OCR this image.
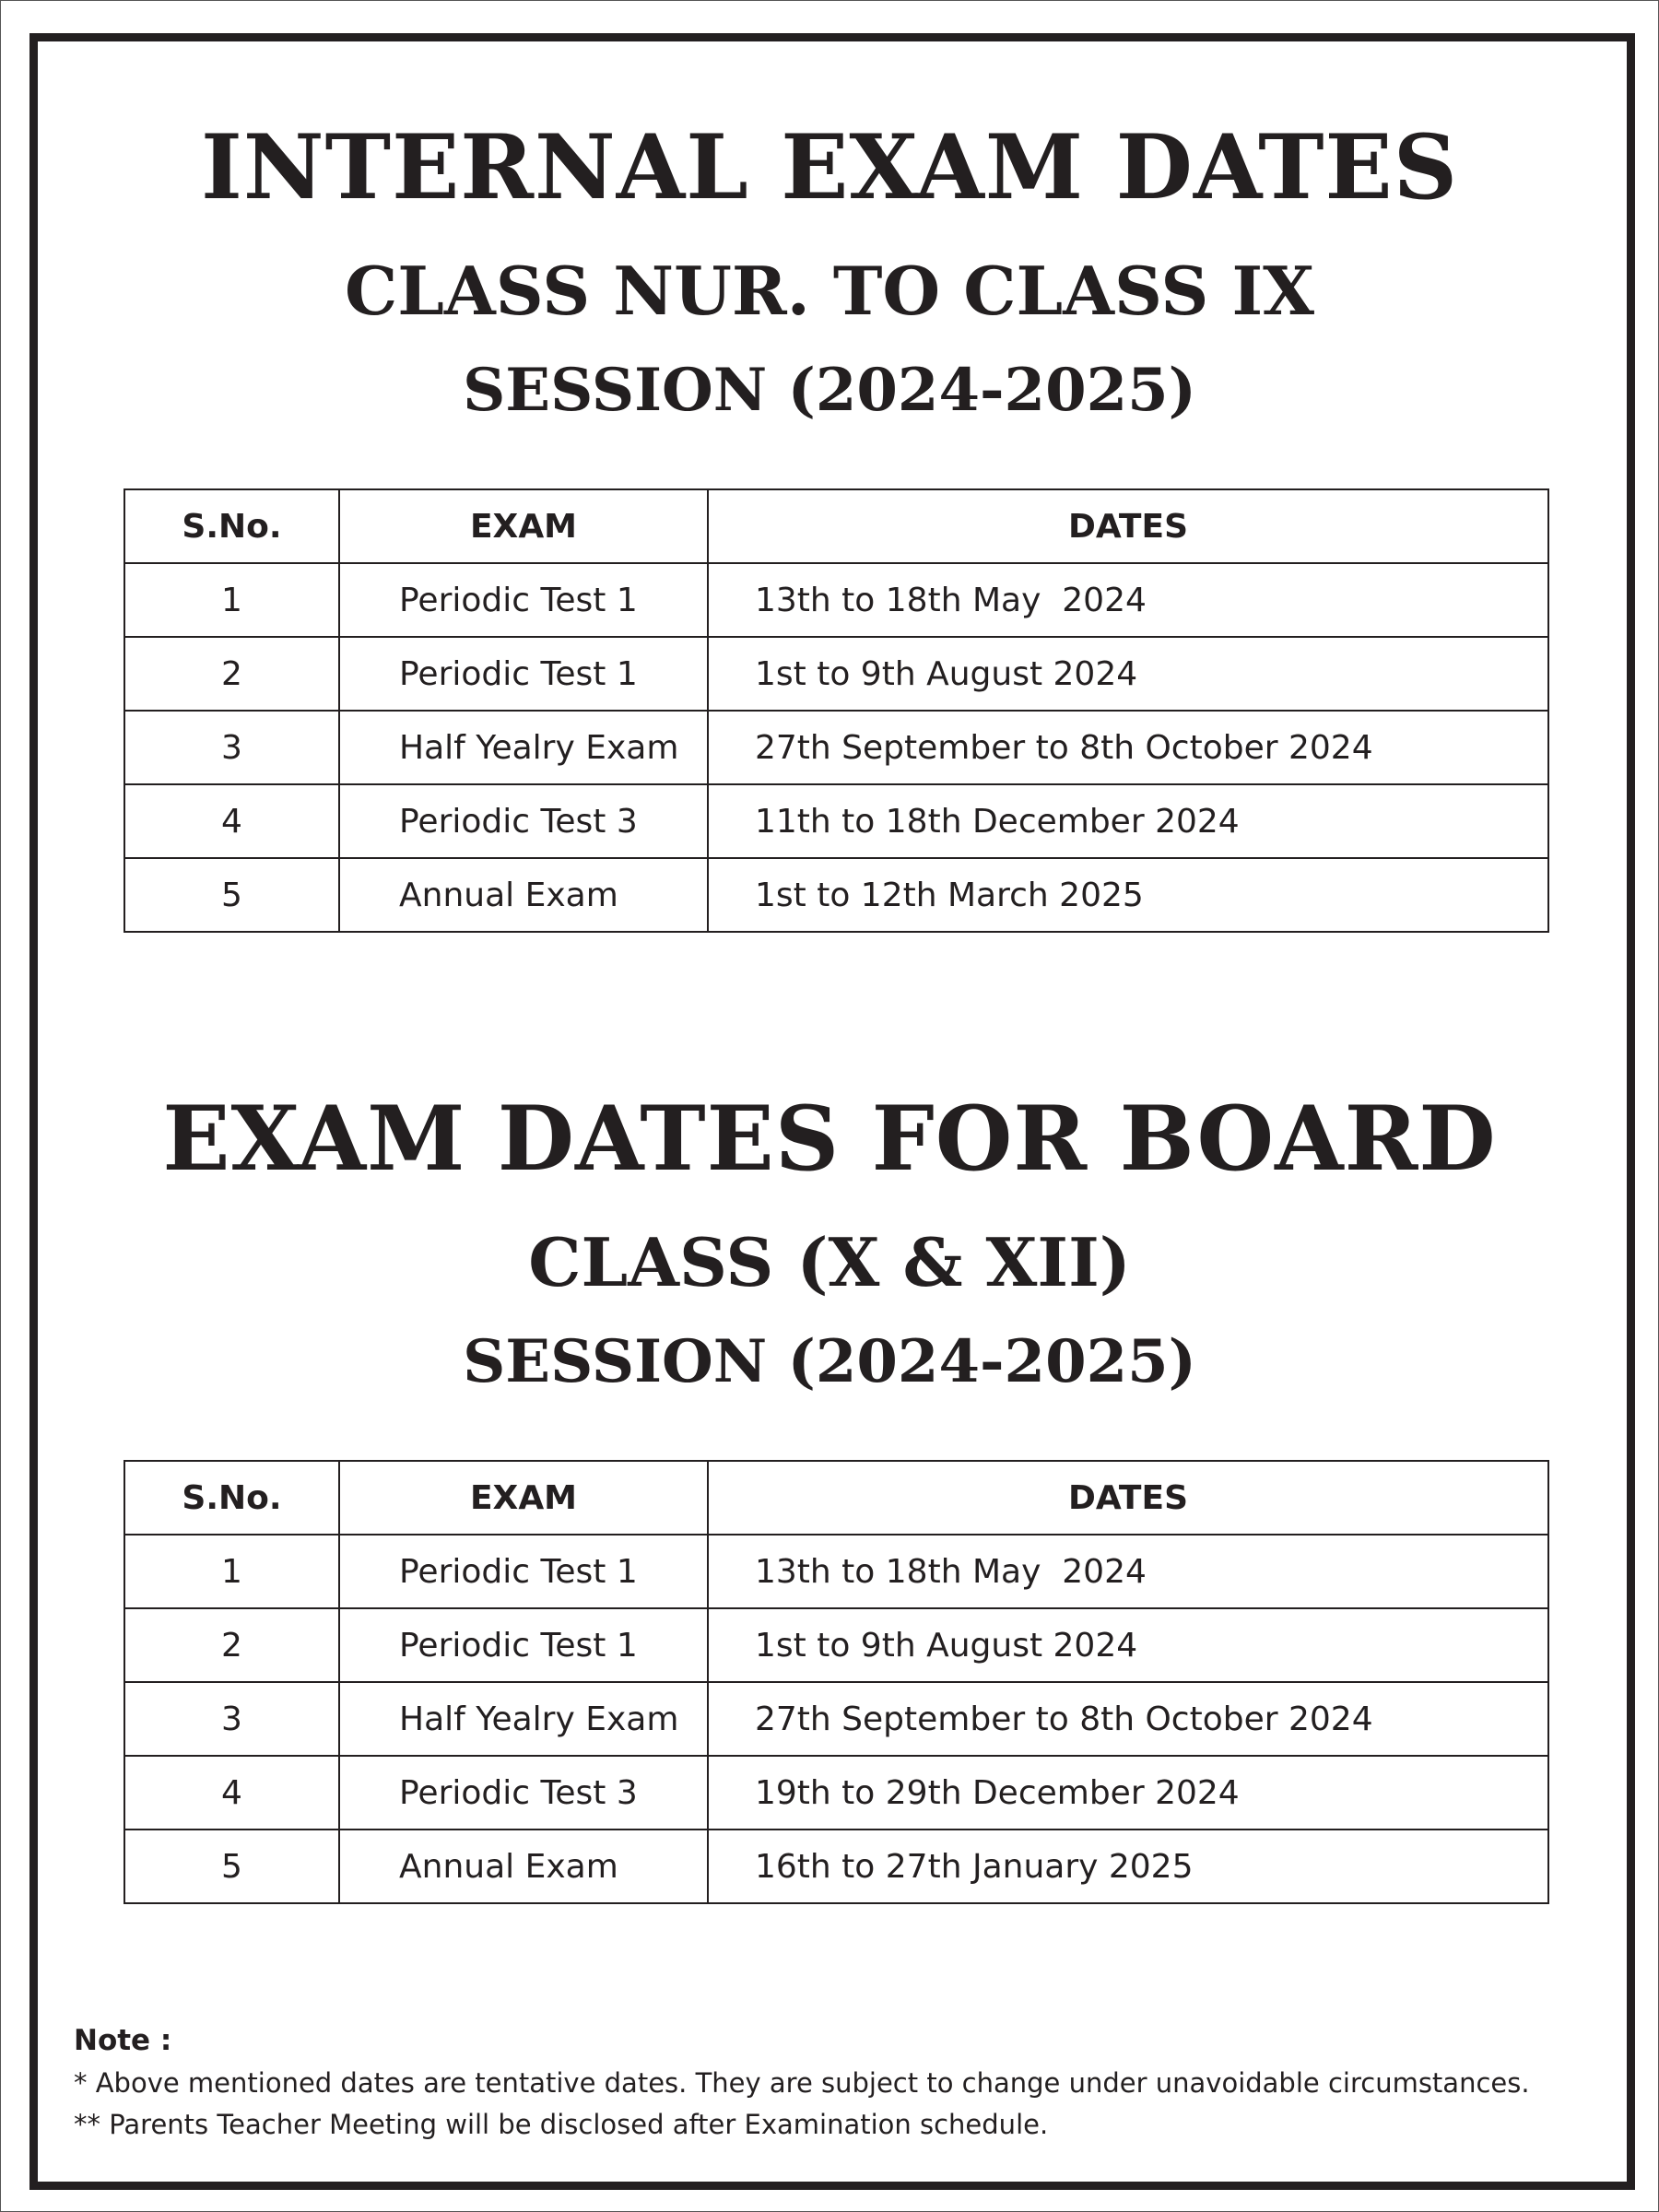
INTERNAL EXAM DATES
CLASS NUR. TO CLASS IX
SESSION (2024-2025)
S.No.	EXAM	DATES
1	Periodic Test 1	13th to 18th May  2024
2	Periodic Test 1	1st to 9th August 2024
3	Half Yealry Exam	27th September to 8th October 2024
4	Periodic Test 3	11th to 18th December 2024
5	Annual Exam	1st to 12th March 2025
EXAM DATES FOR BOARD
CLASS (X & XII)
SESSION (2024-2025)
S.No.	EXAM	DATES
1	Periodic Test 1	13th to 18th May  2024
2	Periodic Test 1	1st to 9th August 2024
3	Half Yealry Exam	27th September to 8th October 2024
4	Periodic Test 3	19th to 29th December 2024
5	Annual Exam	16th to 27th January 2025
Note :
* Above mentioned dates are tentative dates. They are subject to change under unavoidable circumstances.
** Parents Teacher Meeting will be disclosed after Examination schedule.
